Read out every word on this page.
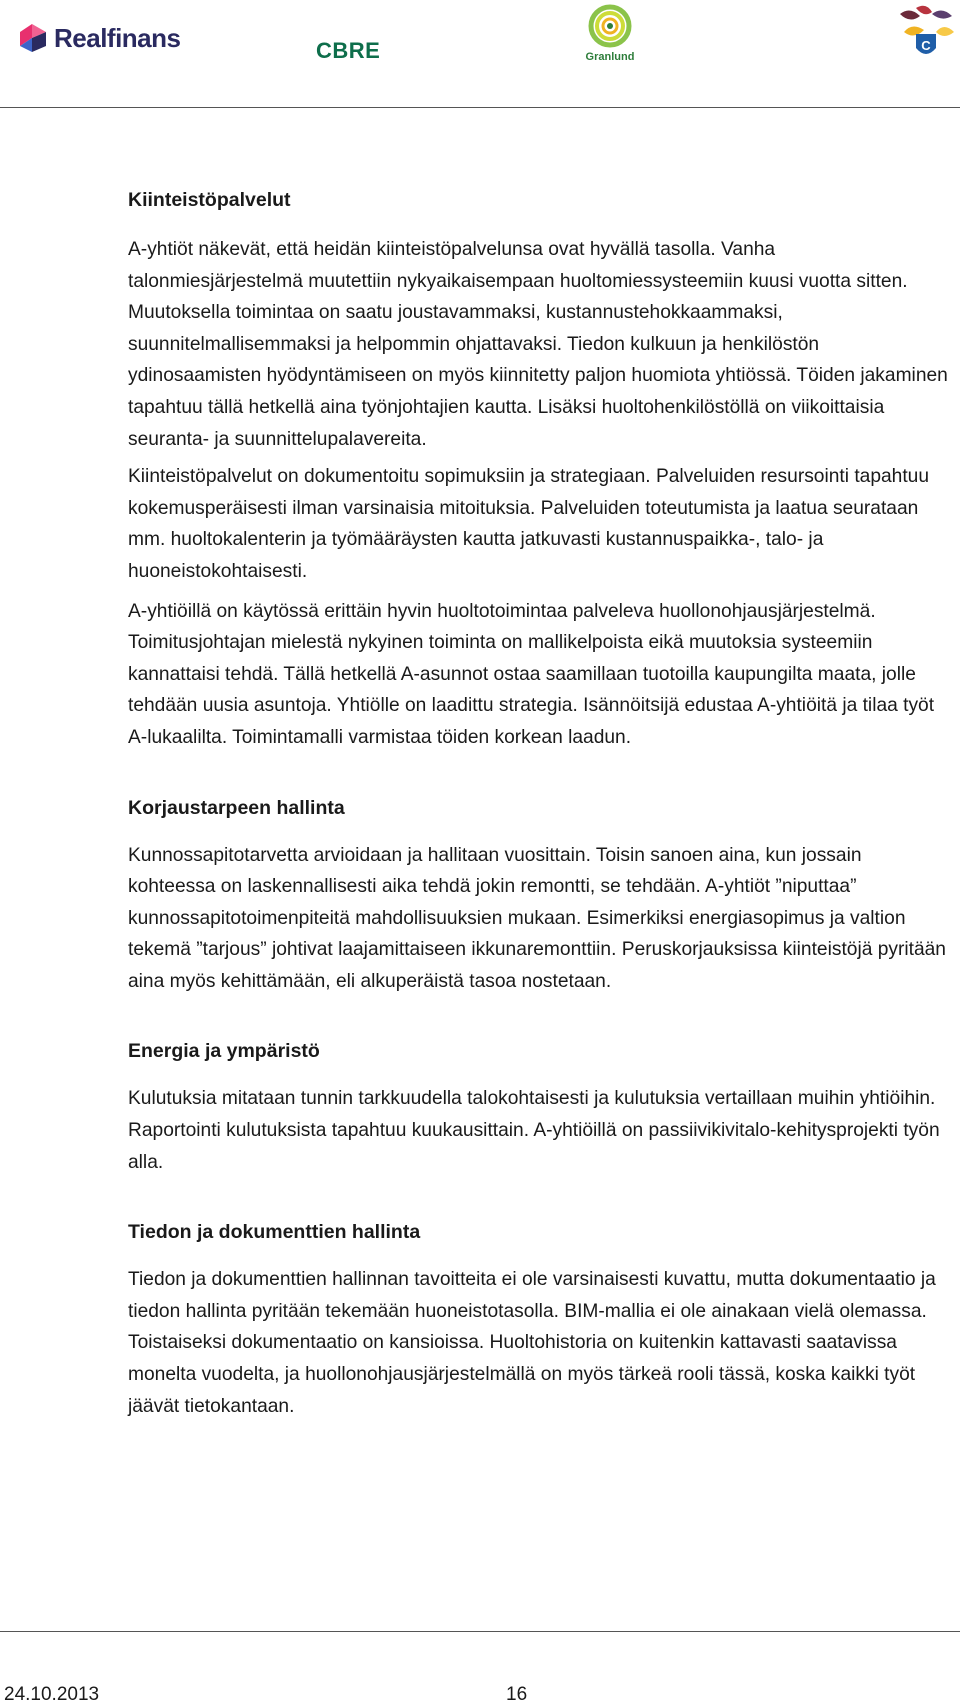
Realfinans	CBRE	Granlund
C
Kiinteistöpalvelut

A-yhtiöt näkevät, että heidän kiinteistöpalvelunsa ovat hyvällä tasolla. Vanha talonmiesjärjestelmä muutettiin nykyaikaisempaan huoltomiessysteemiin kuusi vuotta sitten. Muutoksella toimintaa on saatu joustavammaksi, kustannustehokkaammaksi, suunnitelmallisemmaksi ja helpommin ohjattavaksi. Tiedon kulkuun ja henkilöstön ydinosaamisten hyödyntämiseen on myös kiinnitetty paljon huomiota yhtiössä. Töiden jakaminen tapahtuu tällä hetkellä aina työnjohtajien kautta. Lisäksi huoltohenkilöstöllä on viikoittaisia seuranta- ja suunnittelupalavereita.

Kiinteistöpalvelut on dokumentoitu sopimuksiin ja strategiaan. Palveluiden resursointi tapahtuu kokemusperäisesti ilman varsinaisia mitoituksia. Palveluiden toteutumista ja laatua seurataan mm. huoltokalenterin ja työmääräysten kautta jatkuvasti kustannuspaikka-, talo- ja huoneistokohtaisesti.

A-yhtiöillä on käytössä erittäin hyvin huoltotoimintaa palveleva huollonohjausjärjestelmä. Toimitusjohtajan mielestä nykyinen toiminta on mallikelpoista eikä muutoksia systeemiin kannattaisi tehdä. Tällä hetkellä A-asunnot ostaa saamillaan tuotoilla kaupungilta maata, jolle tehdään uusia asuntoja. Yhtiölle on laadittu strategia. Isännöitsijä edustaa A-yhtiöitä ja tilaa työt A-lukaalilta. Toimintamalli varmistaa töiden korkean laadun.

Korjaustarpeen hallinta

Kunnossapitotarvetta arvioidaan ja hallitaan vuosittain. Toisin sanoen aina, kun jossain kohteessa on laskennallisesti aika tehdä jokin remontti, se tehdään. A-yhtiöt ”niputtaa” kunnossapitotoimenpiteitä mahdollisuuksien mukaan. Esimerkiksi energiasopimus ja valtion tekemä ”tarjous” johtivat laajamittaiseen ikkunaremonttiin. Peruskorjauksissa kiinteistöjä pyritään aina myös kehittämään, eli alkuperäistä tasoa nostetaan.

Energia ja ympäristö

Kulutuksia mitataan tunnin tarkkuudella talokohtaisesti ja kulutuksia vertaillaan muihin yhtiöihin. Raportointi kulutuksista tapahtuu kuukausittain. A-yhtiöillä on passiivikivitalo-kehitysprojekti työn alla.

Tiedon ja dokumenttien hallinta

Tiedon ja dokumenttien hallinnan tavoitteita ei ole varsinaisesti kuvattu, mutta dokumentaatio ja tiedon hallinta pyritään tekemään huoneistotasolla. BIM-mallia ei ole ainakaan vielä olemassa. Toistaiseksi dokumentaatio on kansioissa. Huoltohistoria on kuitenkin kattavasti saatavissa monelta vuodelta, ja huollonohjausjärjestelmällä on myös tärkeä rooli tässä, koska kaikki työt jäävät tietokantaan.

24.10.2013	16
